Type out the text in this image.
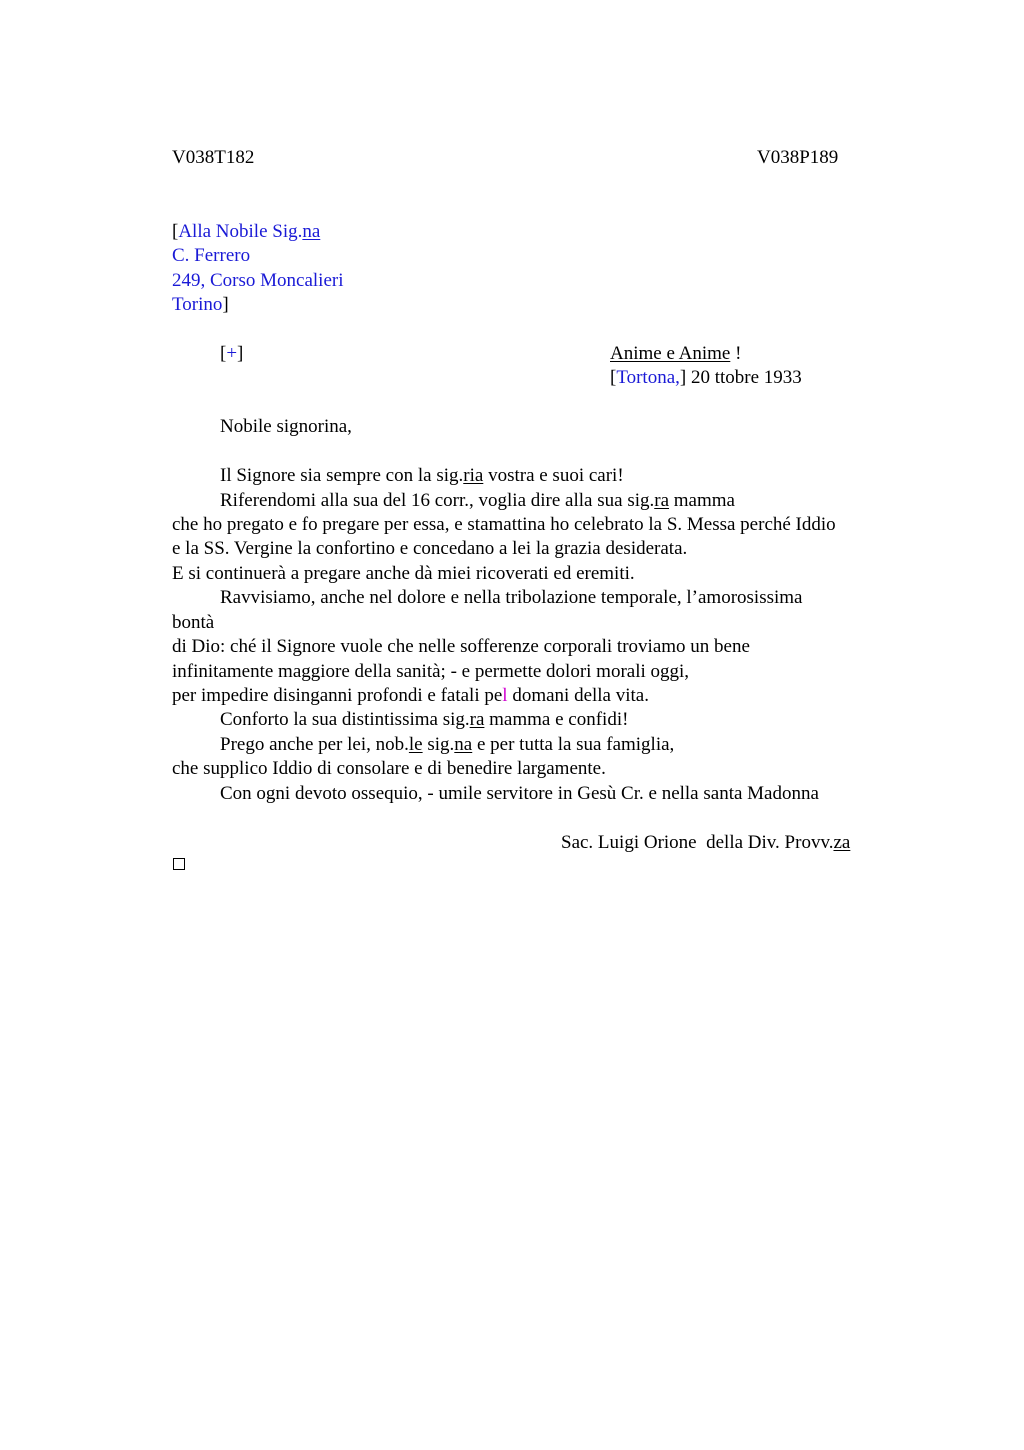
V038T182	V038P189
[Alla Nobile Sig.na
C. Ferrero
249, Corso Moncalieri
Torino]
[+]	Anime e Anime !
[Tortona,] 20 ttobre 1933
Nobile signorina,
Il Signore sia sempre con la sig.ria vostra e suoi cari!
Riferendomi alla sua del 16 corr., voglia dire alla sua sig.ra mamma
che ho pregato e fo pregare per essa, e stamattina ho celebrato la S. Messa perché Iddio
e la SS. Vergine la confortino e concedano a lei la grazia desiderata.
E si continuerà a pregare anche dà miei ricoverati ed eremiti.
Ravvisiamo, anche nel dolore e nella tribolazione temporale, l’amorosissima
bontà
di Dio: ché il Signore vuole che nelle sofferenze corporali troviamo un bene
infinitamente maggiore della sanità; - e permette dolori morali oggi,
per impedire disinganni profondi e fatali pel domani della vita.
Conforto la sua distintissima sig.ra mamma e confidi!
Prego anche per lei, nob.le sig.na e per tutta la sua famiglia,
che supplico Iddio di consolare e di benedire largamente.
Con ogni devoto ossequio, - umile servitore in Gesù Cr. e nella santa Madonna
Sac. Luigi Orione  della Div. Provv.za
